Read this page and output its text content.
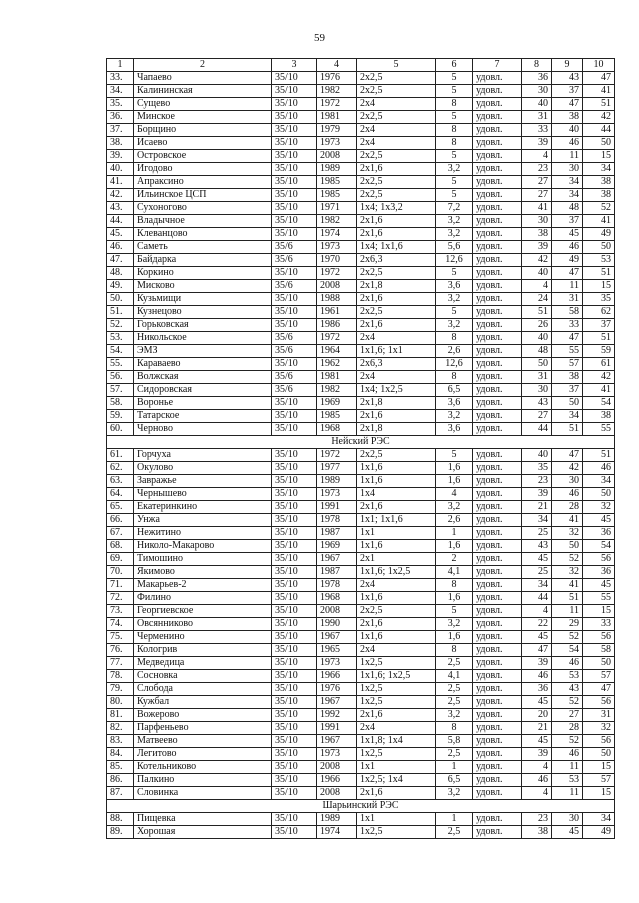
59
1	2	3	4	5	6	7	8	9	10
33.	Чапаево	35/10	1976	2x2,5	5	удовл.	36	43	47
34.	Калининская	35/10	1982	2x2,5	5	удовл.	30	37	41
35.	Сущево	35/10	1972	2x4	8	удовл.	40	47	51
36.	Минское	35/10	1981	2x2,5	5	удовл.	31	38	42
37.	Борщино	35/10	1979	2x4	8	удовл.	33	40	44
38.	Исаево	35/10	1973	2x4	8	удовл.	39	46	50
39.	Островское	35/10	2008	2x2,5	5	удовл.	4	11	15
40.	Игодово	35/10	1989	2x1,6	3,2	удовл.	23	30	34
41.	Апраксино	35/10	1985	2x2,5	5	удовл.	27	34	38
42.	Ильинское ЦСП	35/10	1985	2x2,5	5	удовл.	27	34	38
43.	Сухоногово	35/10	1971	1x4; 1x3,2	7,2	удовл.	41	48	52
44.	Владычное	35/10	1982	2x1,6	3,2	удовл.	30	37	41
45.	Клеванцово	35/10	1974	2x1,6	3,2	удовл.	38	45	49
46.	Саметь	35/6	1973	1x4; 1x1,6	5,6	удовл.	39	46	50
47.	Байдарка	35/6	1970	2x6,3	12,6	удовл.	42	49	53
48.	Коркино	35/10	1972	2x2,5	5	удовл.	40	47	51
49.	Мисково	35/6	2008	2x1,8	3,6	удовл.	4	11	15
50.	Кузьмищи	35/10	1988	2x1,6	3,2	удовл.	24	31	35
51.	Кузнецово	35/10	1961	2x2,5	5	удовл.	51	58	62
52.	Горьковская	35/10	1986	2x1,6	3,2	удовл.	26	33	37
53.	Никольское	35/6	1972	2x4	8	удовл.	40	47	51
54.	ЭМЗ	35/6	1964	1x1,6; 1x1	2,6	удовл.	48	55	59
55.	Караваево	35/10	1962	2x6,3	12,6	удовл.	50	57	61
56.	Волжская	35/6	1981	2x4	8	удовл.	31	38	42
57.	Сидоровская	35/6	1982	1x4; 1x2,5	6,5	удовл.	30	37	41
58.	Воронье	35/10	1969	2x1,8	3,6	удовл.	43	50	54
59.	Татарское	35/10	1985	2x1,6	3,2	удовл.	27	34	38
60.	Черново	35/10	1968	2x1,8	3,6	удовл.	44	51	55
Нейский РЭС									
61.	Горчуха	35/10	1972	2x2,5	5	удовл.	40	47	51
62.	Окулово	35/10	1977	1x1,6	1,6	удовл.	35	42	46
63.	Завражье	35/10	1989	1x1,6	1,6	удовл.	23	30	34
64.	Чернышево	35/10	1973	1x4	4	удовл.	39	46	50
65.	Екатеринкино	35/10	1991	2x1,6	3,2	удовл.	21	28	32
66.	Унжа	35/10	1978	1x1; 1x1,6	2,6	удовл.	34	41	45
67.	Нежитино	35/10	1987	1x1	1	удовл.	25	32	36
68.	Николо-Макарово	35/10	1969	1x1,6	1,6	удовл.	43	50	54
69.	Тимошино	35/10	1967	2x1	2	удовл.	45	52	56
70.	Якимово	35/10	1987	1x1,6; 1x2,5	4,1	удовл.	25	32	36
71.	Макарьев-2	35/10	1978	2x4	8	удовл.	34	41	45
72.	Филино	35/10	1968	1x1,6	1,6	удовл.	44	51	55
73.	Георгиевское	35/10	2008	2x2,5	5	удовл.	4	11	15
74.	Овсянниково	35/10	1990	2x1,6	3,2	удовл.	22	29	33
75.	Черменино	35/10	1967	1x1,6	1,6	удовл.	45	52	56
76.	Кологрив	35/10	1965	2x4	8	удовл.	47	54	58
77.	Медведица	35/10	1973	1x2,5	2,5	удовл.	39	46	50
78.	Сосновка	35/10	1966	1x1,6; 1x2,5	4,1	удовл.	46	53	57
79.	Слобода	35/10	1976	1x2,5	2,5	удовл.	36	43	47
80.	Кужбал	35/10	1967	1x2,5	2,5	удовл.	45	52	56
81.	Вожерово	35/10	1992	2x1,6	3,2	удовл.	20	27	31
82.	Парфеньево	35/10	1991	2x4	8	удовл.	21	28	32
83.	Матвеево	35/10	1967	1x1,8; 1x4	5,8	удовл.	45	52	56
84.	Легитово	35/10	1973	1x2,5	2,5	удовл.	39	46	50
85.	Котельниково	35/10	2008	1x1	1	удовл.	4	11	15
86.	Палкино	35/10	1966	1x2,5; 1x4	6,5	удовл.	46	53	57
87.	Словинка	35/10	2008	2x1,6	3,2	удовл.	4	11	15
Шарьинский РЭС									
88.	Пищевка	35/10	1989	1x1	1	удовл.	23	30	34
89.	Хорошая	35/10	1974	1x2,5	2,5	удовл.	38	45	49
